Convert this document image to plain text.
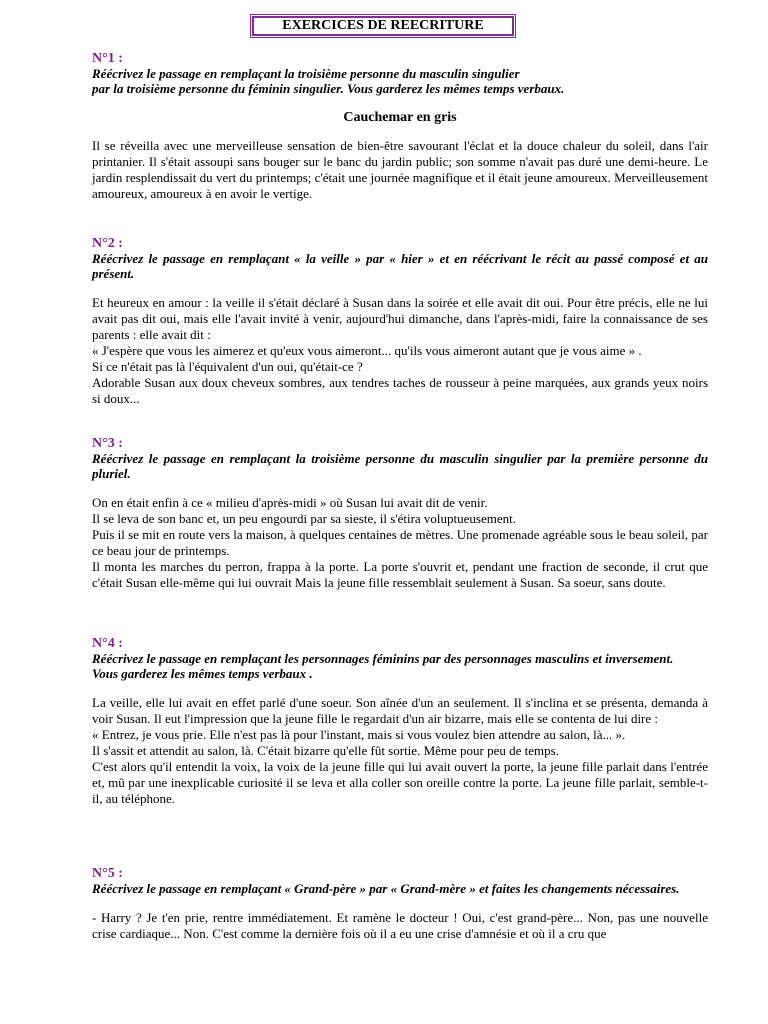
EXERCICES DE REECRITURE

N°1 :

Réécrivez le passage en remplaçant la troisième personne du masculin singulier

par la troisième personne du féminin singulier. Vous garderez les mêmes temps verbaux.

Cauchemar en gris

Il se réveilla avec une merveilleuse sensation de bien-être savourant l'éclat et la douce chaleur du soleil, dans l'air printanier. Il s'était assoupi sans bouger sur le banc du jardin public; son somme n'avait pas duré une demi-heure. Le jardin resplendissait du vert du printemps; c'était une journée magnifique et il était jeune amoureux. Merveilleusement amoureux, amoureux à en avoir le vertige.

N°2 :

Réécrivez le passage en remplaçant « la veille » par « hier » et en réécrivant le récit au passé composé et au présent.

Et heureux en amour : la veille il s'était déclaré à Susan dans la soirée et elle avait dit oui. Pour être précis, elle ne lui avait pas dit oui, mais elle l'avait invité à venir, aujourd'hui dimanche, dans l'après-midi, faire la connaissance de ses parents : elle avait dit :

« J'espère que vous les aimerez et qu'eux vous aimeront... qu'ils vous aimeront autant que je vous aime » .

Si ce n'était pas là l'équivalent d'un oui, qu'était-ce ?

Adorable Susan aux doux cheveux sombres, aux tendres taches de rousseur à peine marquées, aux grands yeux noirs si doux...

N°3 :

Réécrivez le passage en remplaçant la troisième personne du masculin singulier par la première personne du pluriel.

On en était enfin à ce « milieu d'après-midi » où Susan lui avait dit de venir.

Il se leva de son banc et, un peu engourdi par sa sieste, il s'étira voluptueusement.

Puis il se mit en route vers la maison, à quelques centaines de mètres. Une promenade agréable sous le beau soleil, par ce beau jour de printemps.

Il monta les marches du perron, frappa à la porte. La porte s'ouvrit et, pendant une fraction de seconde, il crut que c'était Susan elle-même qui lui ouvrait Mais la jeune fille ressemblait seulement à Susan. Sa soeur, sans doute.

N°4 :

Réécrivez le passage en remplaçant les personnages féminins par des personnages masculins et inversement.

Vous garderez les mêmes temps verbaux .

La veille, elle lui avait en effet parlé d'une soeur. Son aînée d'un an seulement. Il s'inclina et se présenta, demanda à voir Susan. Il eut l'impression que la jeune fille le regardait d'un air bizarre, mais elle se contenta de lui dire :

« Entrez, je vous prie. Elle n'est pas là pour l'instant, mais si vous voulez bien attendre au salon, là... ».

Il s'assit et attendit au salon, là. C'était bizarre qu'elle fût sortie. Même pour peu de temps.

C'est alors qu'il entendit la voix, la voix de la jeune fille qui lui avait ouvert la porte, la jeune fille parlait dans l'entrée et, mû par une inexplicable curiosité il se leva et alla coller son oreille contre la porte. La jeune fille parlait, semble-t-il, au téléphone.

N°5 :

Réécrivez le passage en remplaçant « Grand-père » par « Grand-mère » et faites les changements nécessaires.

- Harry ? Je t'en prie, rentre immédiatement. Et ramène le docteur ! Oui, c'est grand-père... Non, pas une nouvelle crise cardiaque... Non. C'est comme la dernière fois où il a eu une crise d'amnésie et où il a cru que
